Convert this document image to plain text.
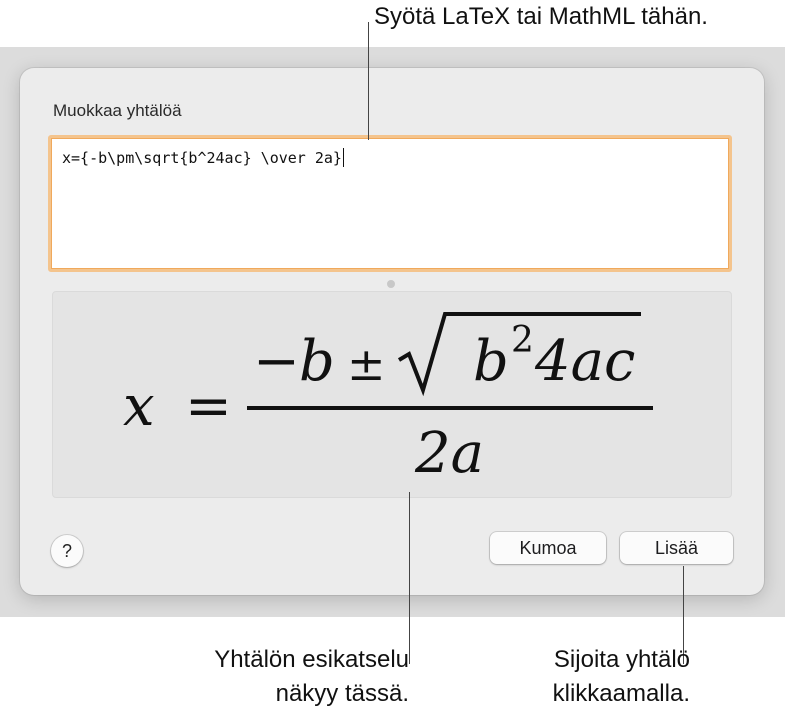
Muokkaa yhtälöä
x={-b\pm\sqrt{b^24ac} \over 2a}
x =
− b ± b 2 4ac
2a
?	Kumoa	Lisää
Syötä LaTeX tai MathML tähän.
Yhtälön esikatselu
näkyy tässä.
Sijoita yhtälö
klikkaamalla.
